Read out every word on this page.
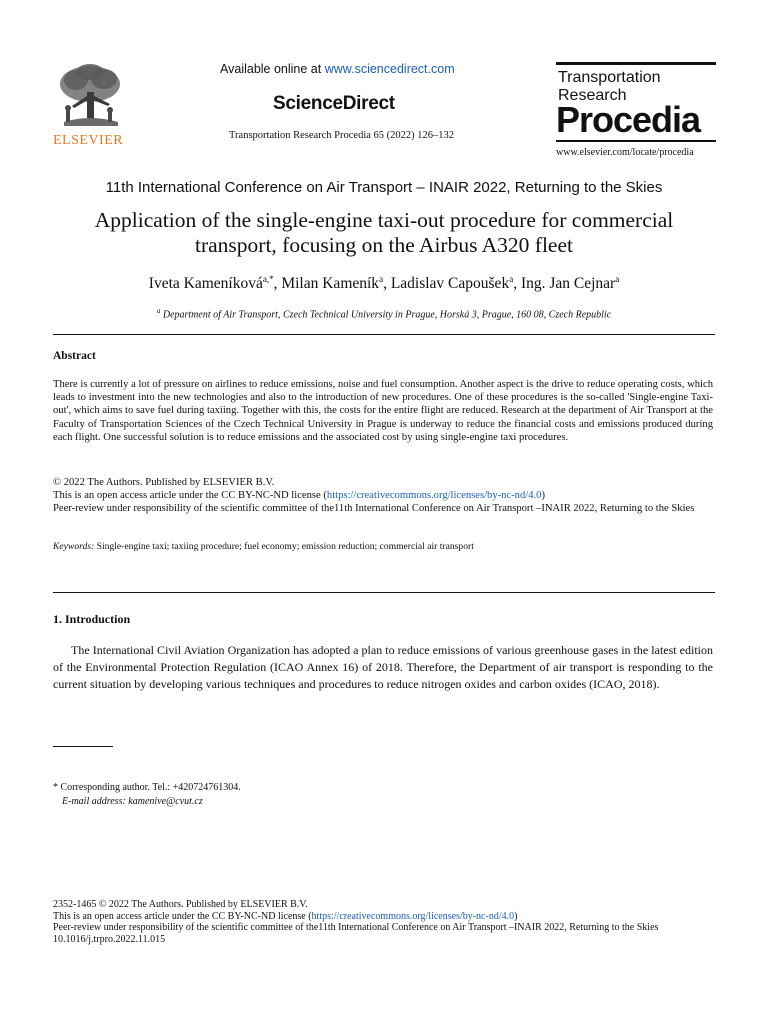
ELSEVIER
Available online at www.sciencedirect.com
ScienceDirect
Transportation Research Procedia 65 (2022) 126–132
Transportation
Research
Procedia
www.elsevier.com/locate/procedia
11th International Conference on Air Transport – INAIR 2022, Returning to the Skies
Application of the single-engine taxi-out procedure for commercial
transport, focusing on the Airbus A320 fleet
Iveta Kameníková$^{a,*}$, Milan Kameník$^a$, Ladislav Capoušek$^a$, Ing. Jan Cejnar$^a$
$^a$ Department of Air Transport, Czech Technical University in Prague, Horská 3, Prague, 160 08, Czech Republic
Abstract
There is currently a lot of pressure on airlines to reduce emissions, noise and fuel consumption. Another aspect is the drive to reduce operating costs, which leads to investment into the new technologies and also to the introduction of new procedures. One of these procedures is the so-called 'Single-engine Taxi-out', which aims to save fuel during taxiing. Together with this, the costs for the entire flight are reduced. Research at the department of Air Transport at the Faculty of Transportation Sciences of the Czech Technical University in Prague is underway to reduce the financial costs and emissions produced during each flight. One successful solution is to reduce emissions and the associated cost by using single-engine taxi procedures.
© 2022 The Authors. Published by ELSEVIER B.V.
This is an open access article under the CC BY-NC-ND license (https://creativecommons.org/licenses/by-nc-nd/4.0)
Peer-review under responsibility of the scientific committee of the11th International Conference on Air Transport –INAIR 2022, Returning to the Skies
Keywords: Single-engine taxi; taxiing procedure; fuel economy; emission reduction; commercial air transport
1. Introduction
The International Civil Aviation Organization has adopted a plan to reduce emissions of various greenhouse gases in the latest edition of the Environmental Protection Regulation (ICAO Annex 16) of 2018. Therefore, the Department of air transport is responding to the current situation by developing various techniques and procedures to reduce nitrogen oxides and carbon oxides (ICAO, 2018).
* Corresponding author. Tel.: +420724761304.
E-mail address: kamenive@cvut.cz
2352-1465 © 2022 The Authors. Published by ELSEVIER B.V.
This is an open access article under the CC BY-NC-ND license (https://creativecommons.org/licenses/by-nc-nd/4.0)
Peer-review under responsibility of the scientific committee of the11th International Conference on Air Transport –INAIR 2022, Returning to the Skies
10.1016/j.trpro.2022.11.015
